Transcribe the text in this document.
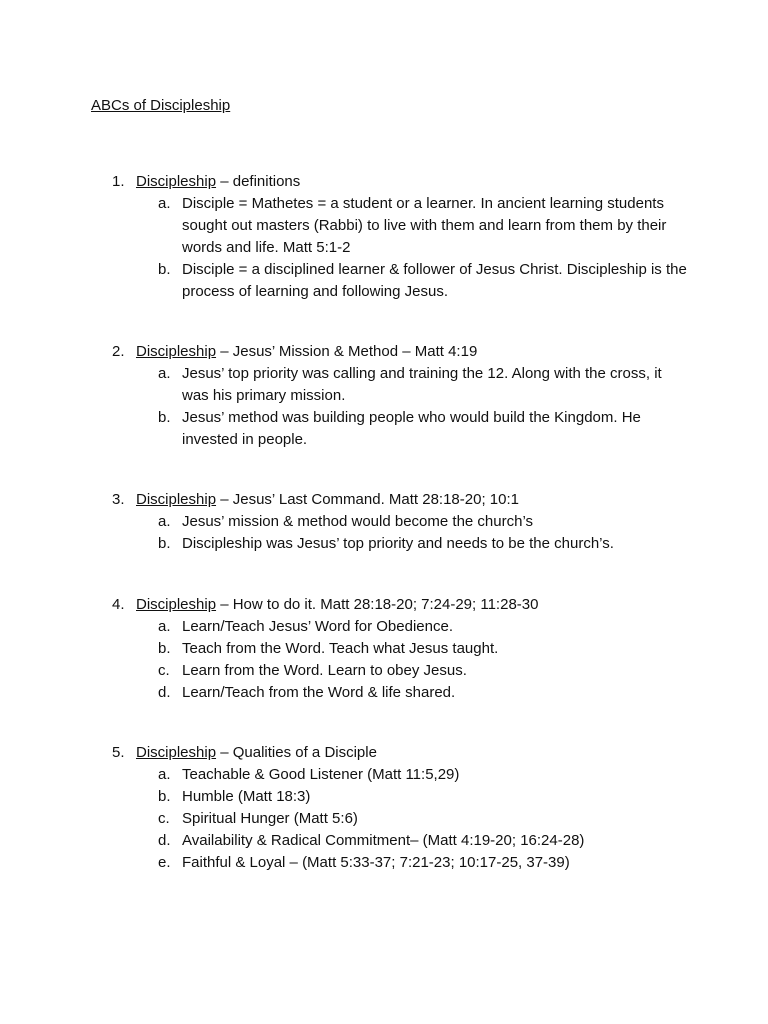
ABCs of Discipleship
1. Discipleship – definitions
a. Disciple = Mathetes = a student or a learner. In ancient learning students sought out masters (Rabbi) to live with them and learn from them by their words and life. Matt 5:1-2
b. Disciple = a disciplined learner & follower of Jesus Christ. Discipleship is the process of learning and following Jesus.
2. Discipleship – Jesus’ Mission & Method – Matt 4:19
a. Jesus’ top priority was calling and training the 12. Along with the cross, it was his primary mission.
b. Jesus’ method was building people who would build the Kingdom. He invested in people.
3. Discipleship – Jesus’ Last Command. Matt 28:18-20; 10:1
a. Jesus’ mission & method would become the church’s
b. Discipleship was Jesus’ top priority and needs to be the church’s.
4. Discipleship – How to do it. Matt 28:18-20; 7:24-29; 11:28-30
a. Learn/Teach Jesus’ Word for Obedience.
b. Teach from the Word. Teach what Jesus taught.
c. Learn from the Word. Learn to obey Jesus.
d. Learn/Teach from the Word & life shared.
5. Discipleship – Qualities of a Disciple
a. Teachable & Good Listener (Matt 11:5,29)
b. Humble (Matt 18:3)
c. Spiritual Hunger (Matt 5:6)
d. Availability & Radical Commitment– (Matt 4:19-20; 16:24-28)
e. Faithful & Loyal – (Matt 5:33-37; 7:21-23; 10:17-25, 37-39)
